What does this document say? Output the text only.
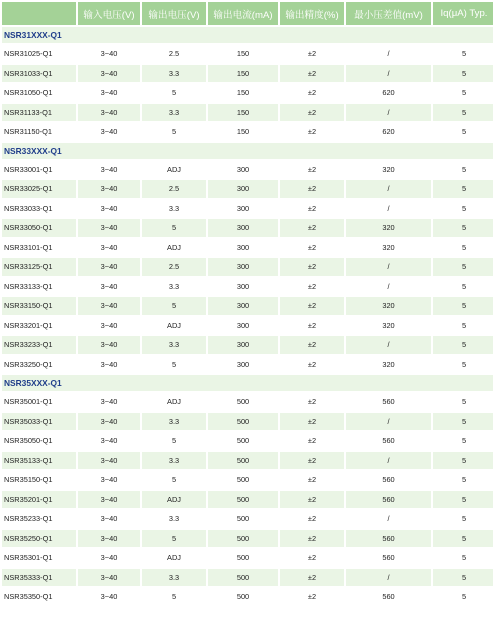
	输入电压(V)	输出电压(V)	输出电流(mA)	输出精度(%)	最小压差值(mV)	Iq(μA) Typ.
NSR31XXX-Q1						
NSR31025-Q1	3~40	2.5	150	±2	/	5
NSR31033-Q1	3~40	3.3	150	±2	/	5
NSR31050-Q1	3~40	5	150	±2	620	5
NSR31133-Q1	3~40	3.3	150	±2	/	5
NSR31150-Q1	3~40	5	150	±2	620	5
NSR33XXX-Q1						
NSR33001-Q1	3~40	ADJ	300	±2	320	5
NSR33025-Q1	3~40	2.5	300	±2	/	5
NSR33033-Q1	3~40	3.3	300	±2	/	5
NSR33050-Q1	3~40	5	300	±2	320	5
NSR33101-Q1	3~40	ADJ	300	±2	320	5
NSR33125-Q1	3~40	2.5	300	±2	/	5
NSR33133-Q1	3~40	3.3	300	±2	/	5
NSR33150-Q1	3~40	5	300	±2	320	5
NSR33201-Q1	3~40	ADJ	300	±2	320	5
NSR33233-Q1	3~40	3.3	300	±2	/	5
NSR33250-Q1	3~40	5	300	±2	320	5
NSR35XXX-Q1						
NSR35001-Q1	3~40	ADJ	500	±2	560	5
NSR35033-Q1	3~40	3.3	500	±2	/	5
NSR35050-Q1	3~40	5	500	±2	560	5
NSR35133-Q1	3~40	3.3	500	±2	/	5
NSR35150-Q1	3~40	5	500	±2	560	5
NSR35201-Q1	3~40	ADJ	500	±2	560	5
NSR35233-Q1	3~40	3.3	500	±2	/	5
NSR35250-Q1	3~40	5	500	±2	560	5
NSR35301-Q1	3~40	ADJ	500	±2	560	5
NSR35333-Q1	3~40	3.3	500	±2	/	5
NSR35350-Q1	3~40	5	500	±2	560	5
